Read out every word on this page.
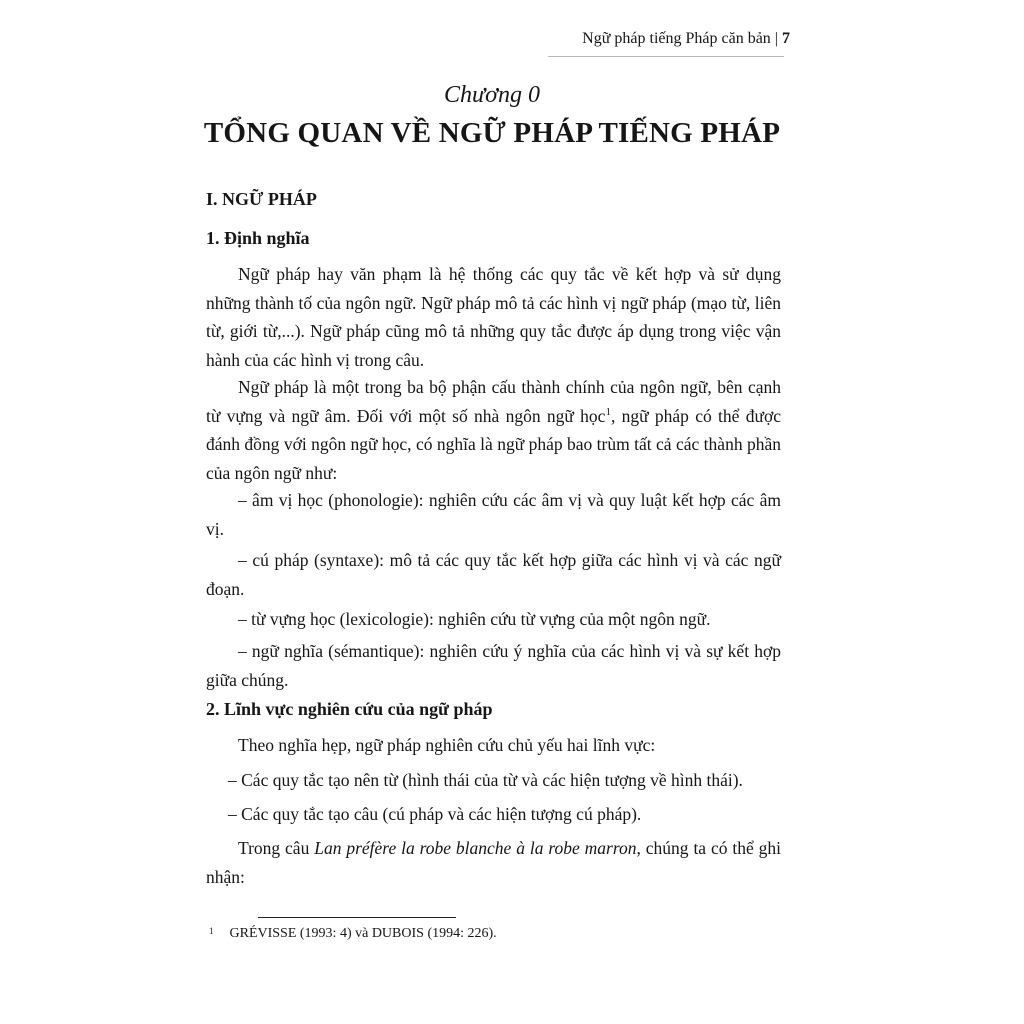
Ngữ pháp tiếng Pháp căn bản | 7
Chương 0
TỔNG QUAN VỀ NGỮ PHÁP TIẾNG PHÁP
I. NGỮ PHÁP
1. Định nghĩa
Ngữ pháp hay văn phạm là hệ thống các quy tắc về kết hợp và sử dụng những thành tố của ngôn ngữ. Ngữ pháp mô tả các hình vị ngữ pháp (mạo từ, liên từ, giới từ,...). Ngữ pháp cũng mô tả những quy tắc được áp dụng trong việc vận hành của các hình vị trong câu.
Ngữ pháp là một trong ba bộ phận cấu thành chính của ngôn ngữ, bên cạnh từ vựng và ngữ âm. Đối với một số nhà ngôn ngữ học$^1$, ngữ pháp có thể được đánh đồng với ngôn ngữ học, có nghĩa là ngữ pháp bao trùm tất cả các thành phần của ngôn ngữ như:
– âm vị học (phonologie): nghiên cứu các âm vị và quy luật kết hợp các âm vị.
– cú pháp (syntaxe): mô tả các quy tắc kết hợp giữa các hình vị và các ngữ đoạn.
– từ vựng học (lexicologie): nghiên cứu từ vựng của một ngôn ngữ.
– ngữ nghĩa (sémantique): nghiên cứu ý nghĩa của các hình vị và sự kết hợp giữa chúng.
2. Lĩnh vực nghiên cứu của ngữ pháp
Theo nghĩa hẹp, ngữ pháp nghiên cứu chủ yếu hai lĩnh vực:
– Các quy tắc tạo nên từ (hình thái của từ và các hiện tượng về hình thái).
– Các quy tắc tạo câu (cú pháp và các hiện tượng cú pháp).
Trong câu Lan préfère la robe blanche à la robe marron, chúng ta có thể ghi nhận:
$^1$ GRÉVISSE (1993: 4) và DUBOIS (1994: 226).
